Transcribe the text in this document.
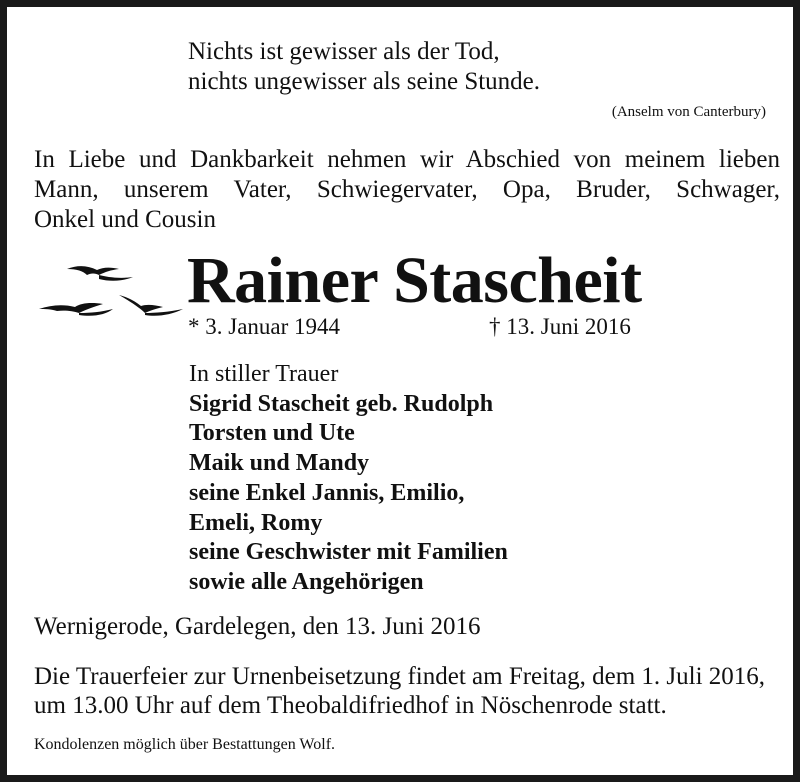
Nichts ist gewisser als der Tod,
nichts ungewisser als seine Stunde.
(Anselm von Canterbury)
In Liebe und Dankbarkeit nehmen wir Abschied von meinem lieben
Mann, unserem Vater, Schwiegervater, Opa, Bruder, Schwager,
Onkel und Cousin
Rainer Stascheit
* 3. Januar 1944	† 13. Juni 2016
In stiller Trauer
Sigrid Stascheit geb. Rudolph
Torsten und Ute
Maik und Mandy
seine Enkel Jannis, Emilio,
Emeli, Romy
seine Geschwister mit Familien
sowie alle Angehörigen
Wernigerode, Gardelegen, den 13. Juni 2016
Die Trauerfeier zur Urnenbeisetzung findet am Freitag, dem 1. Juli 2016,
um 13.00 Uhr auf dem Theobaldifriedhof in Nöschenrode statt.
Kondolenzen möglich über Bestattungen Wolf.
